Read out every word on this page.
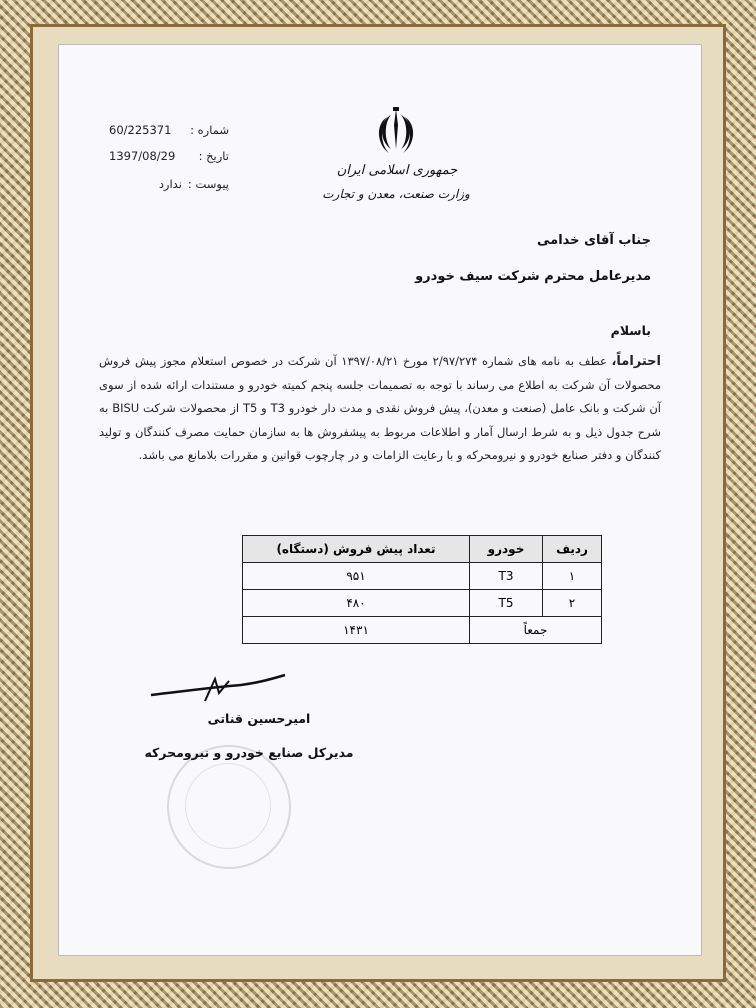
جمهوری اسلامی ایران
وزارت صنعت، معدن و تجارت
شماره :
60/225371
تاریخ :
1397/08/29
پیوست :
ندارد
جناب آقای خدامی
مدیرعامل محترم شرکت سیف خودرو
باسلام
احتراماً، عطف به نامه های شماره ۲/۹۷/۲۷۴ مورخ ۱۳۹۷/۰۸/۲۱ آن شرکت در خصوص استعلام مجوز پیش فروش محصولات آن شرکت به اطلاع می رساند با توجه به تصمیمات جلسه پنجم کمیته خودرو و مستندات ارائه شده از سوی آن شرکت و بانک عامل (صنعت و معدن)، پیش فروش نقدی و مدت دار خودرو T3 و T5 از محصولات شرکت BISU به شرح جدول ذیل و به شرط ارسال آمار و اطلاعات مربوط به پیشفروش ها به سازمان حمایت مصرف کنندگان و تولید کنندگان و دفتر صنایع خودرو و نیرومحرکه و با رعایت الزامات و در چارچوب قوانین و مقررات بلامانع می باشد.
ردیف	خودرو	تعداد پیش فروش (دستگاه)
۱	T3	۹۵۱
۲	T5	۴۸۰
جمعاً		۱۴۳۱
امیرحسین قناتی
مدیرکل صنایع خودرو و نیرومحرکه
